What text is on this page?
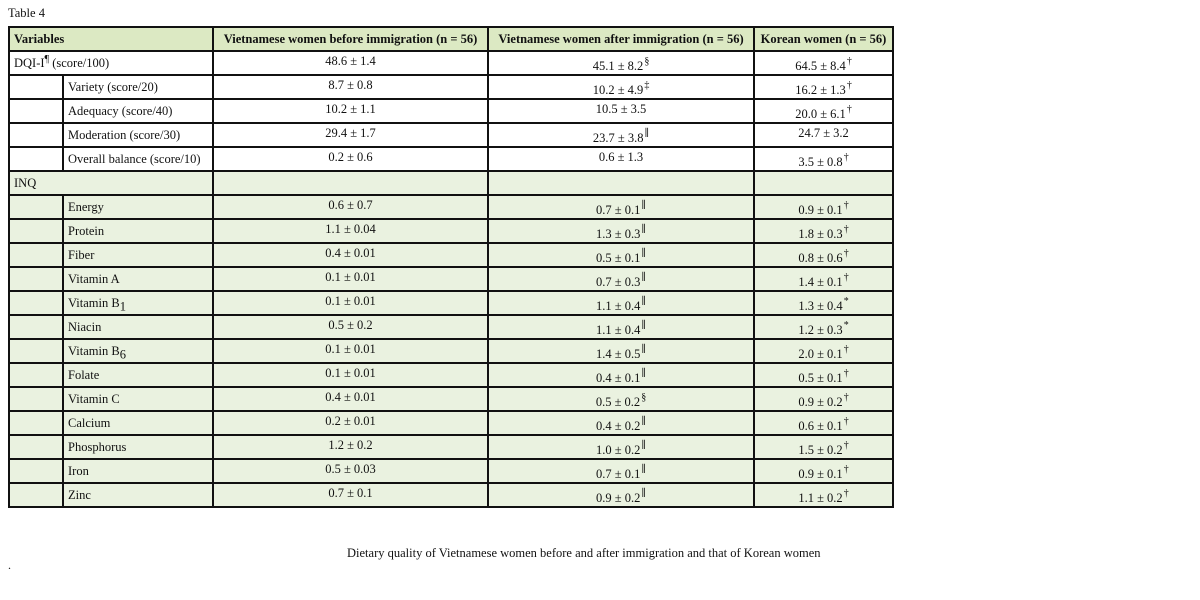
Table 4
Variables		Vietnamese women before immigration (n = 56)	Vietnamese women after immigration (n = 56)	Korean women (n = 56)
DQI-I¶ (score/100)		48.6 ± 1.4	45.1 ± 8.2§	64.5 ± 8.4†
	Variety (score/20)	8.7 ± 0.8	10.2 ± 4.9‡	16.2 ± 1.3†
	Adequacy (score/40)	10.2 ± 1.1	10.5 ± 3.5	20.0 ± 6.1†
	Moderation (score/30)	29.4 ± 1.7	23.7 ± 3.8∥	24.7 ± 3.2
	Overall balance (score/10)	0.2 ± 0.6	0.6 ± 1.3	3.5 ± 0.8†
INQ				
	Energy	0.6 ± 0.7	0.7 ± 0.1∥	0.9 ± 0.1†
	Protein	1.1 ± 0.04	1.3 ± 0.3∥	1.8 ± 0.3†
	Fiber	0.4 ± 0.01	0.5 ± 0.1∥	0.8 ± 0.6†
	Vitamin A	0.1 ± 0.01	0.7 ± 0.3∥	1.4 ± 0.1†
	Vitamin B1	0.1 ± 0.01	1.1 ± 0.4∥	1.3 ± 0.4*
	Niacin	0.5 ± 0.2	1.1 ± 0.4∥	1.2 ± 0.3*
	Vitamin B6	0.1 ± 0.01	1.4 ± 0.5∥	2.0 ± 0.1†
	Folate	0.1 ± 0.01	0.4 ± 0.1∥	0.5 ± 0.1†
	Vitamin C	0.4 ± 0.01	0.5 ± 0.2§	0.9 ± 0.2†
	Calcium	0.2 ± 0.01	0.4 ± 0.2∥	0.6 ± 0.1†
	Phosphorus	1.2 ± 0.2	1.0 ± 0.2∥	1.5 ± 0.2†
	Iron	0.5 ± 0.03	0.7 ± 0.1∥	0.9 ± 0.1†
	Zinc	0.7 ± 0.1	0.9 ± 0.2∥	1.1 ± 0.2†
Dietary quality of Vietnamese women before and after immigration and that of Korean women
.
